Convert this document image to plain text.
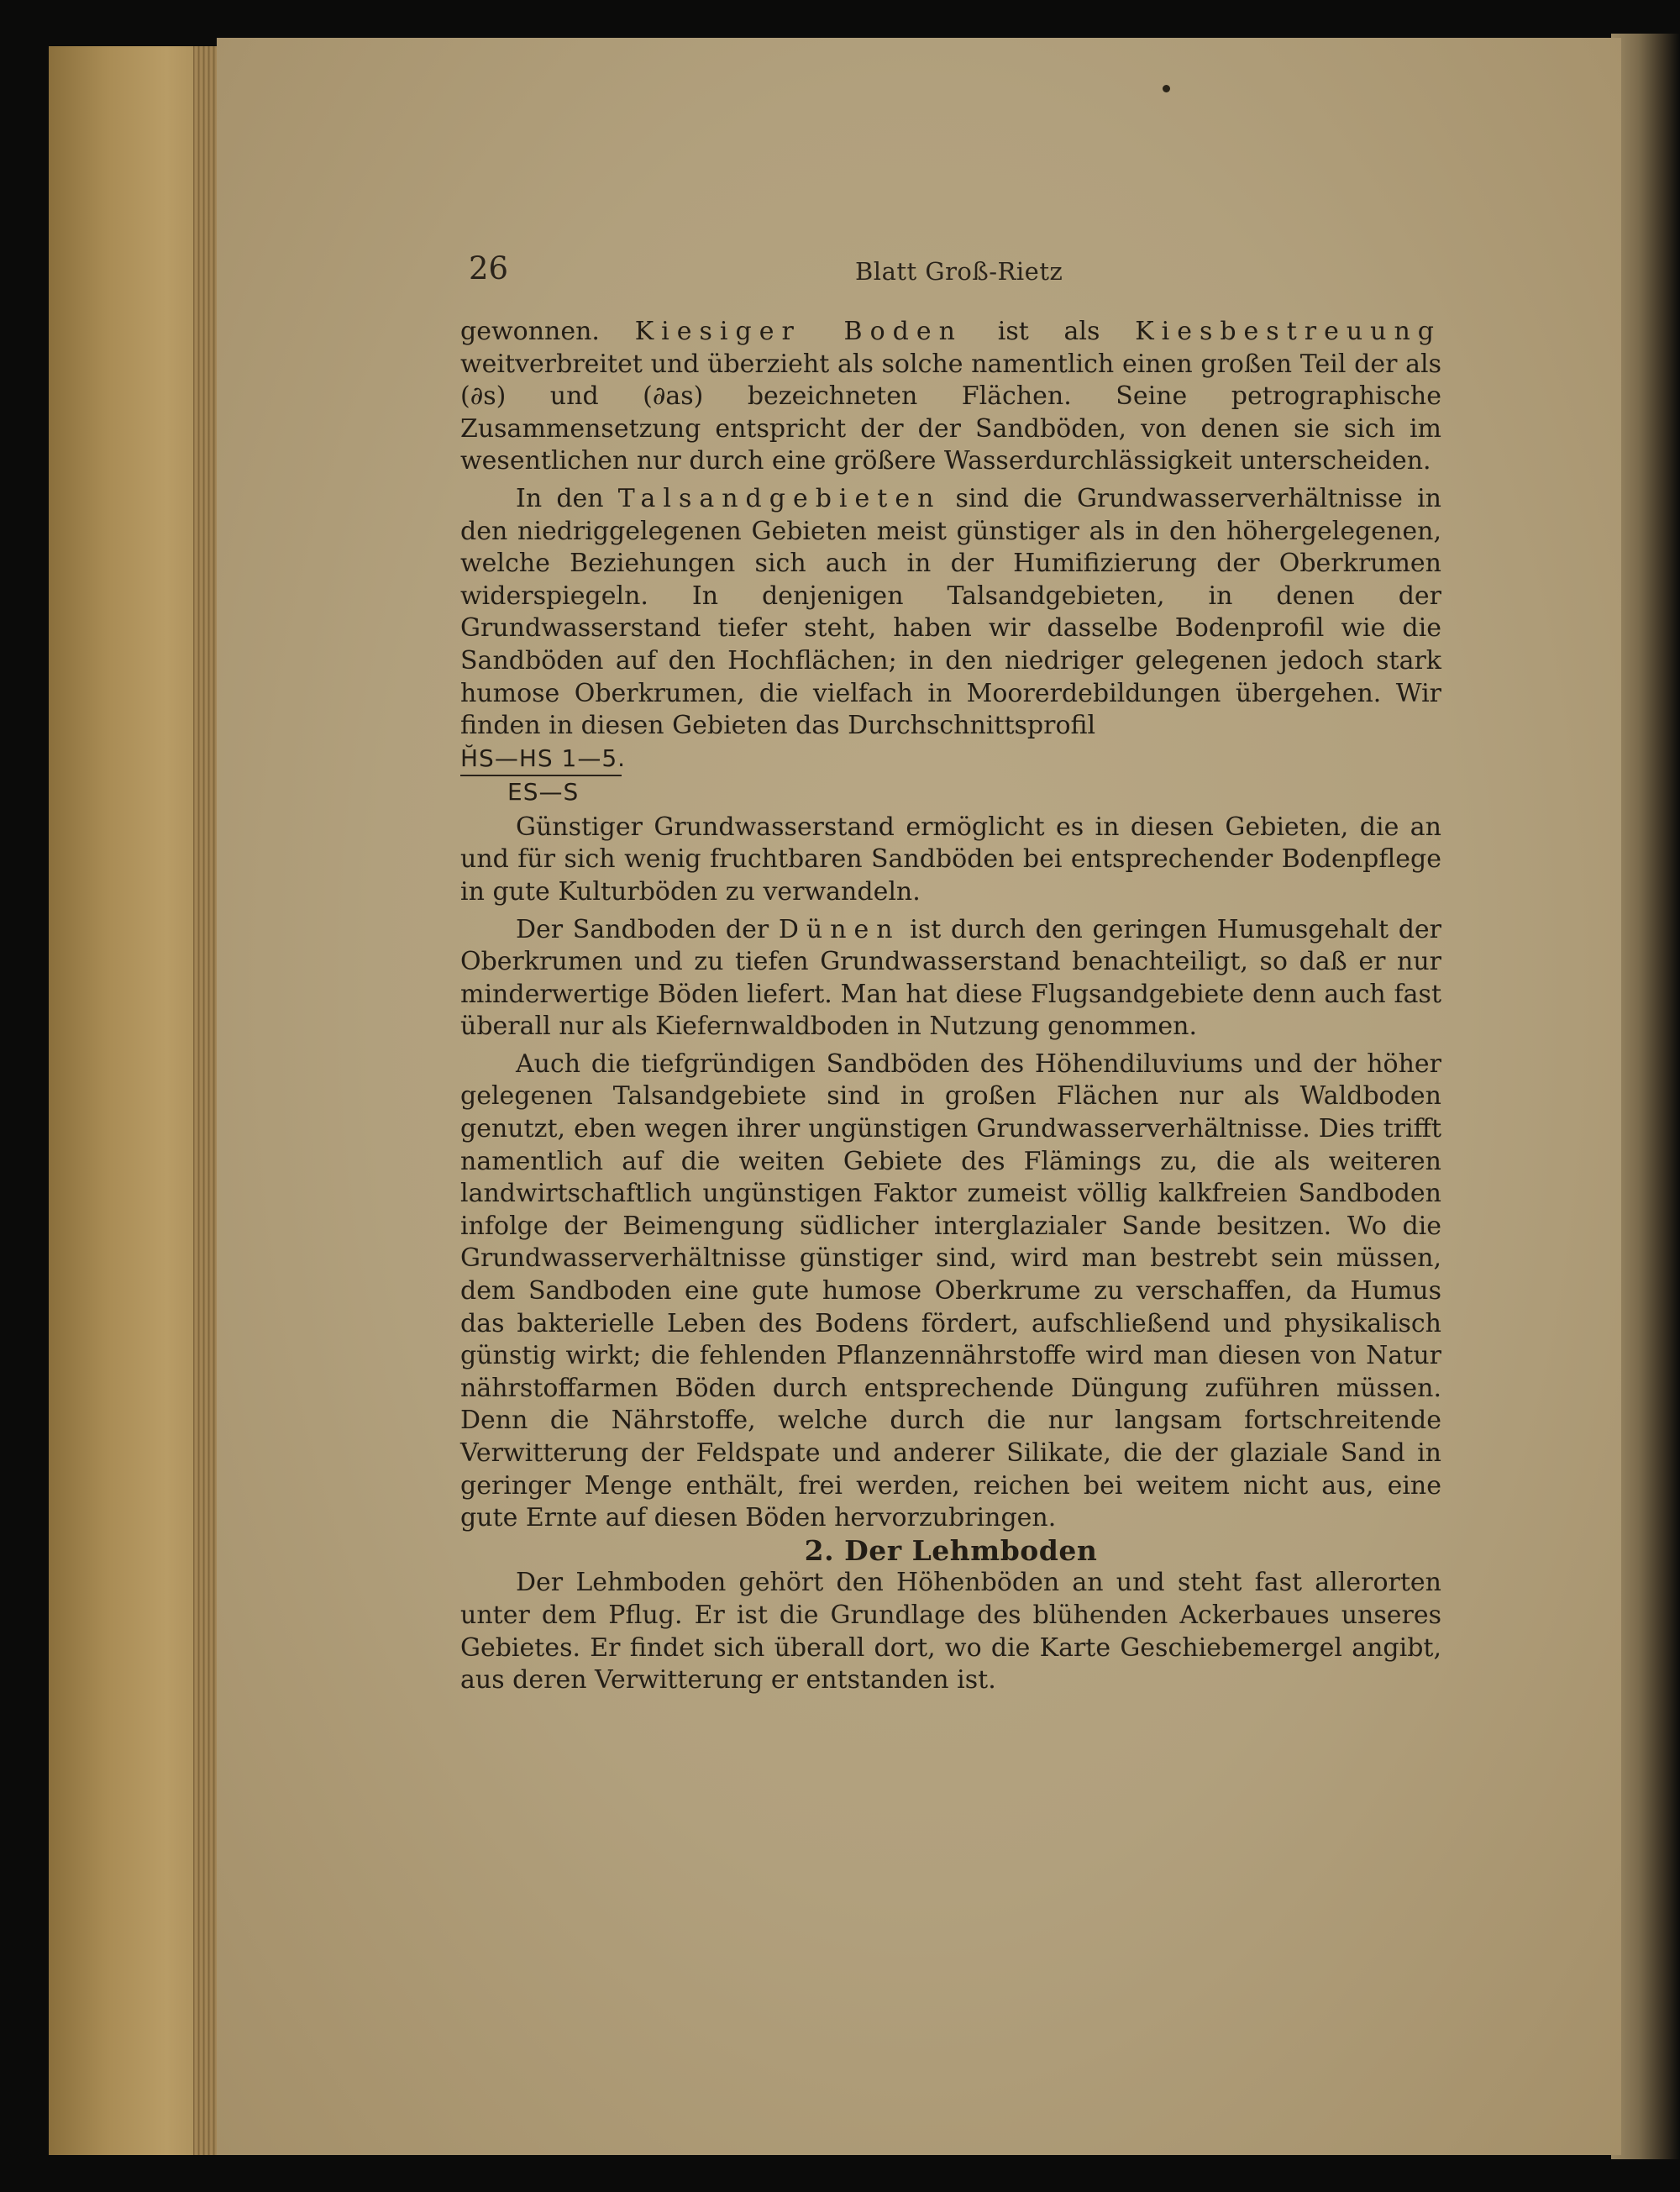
26	Blatt Groß-Rietz

gewonnen. Kiesiger Boden ist als Kiesbestreuung weitverbreitet und überzieht als solche namentlich einen großen Teil der als (∂s) und (∂as) bezeichneten Flächen. Seine petrographische Zusammensetzung entspricht der der Sandböden, von denen sie sich im wesentlichen nur durch eine größere Wasserdurchlässigkeit unterscheiden.

In den Talsandgebieten sind die Grundwasserverhältnisse in den niedriggelegenen Gebieten meist günstiger als in den höhergelegenen, welche Beziehungen sich auch in der Humifizierung der Oberkrumen widerspiegeln. In denjenigen Talsandgebieten, in denen der Grundwasserstand tiefer steht, haben wir dasselbe Bodenprofil wie die Sandböden auf den Hochflächen; in den niedriger gelegenen jedoch stark humose Oberkrumen, die vielfach in Moorerdebildungen übergehen. Wir finden in diesen Gebieten das Durchschnittsprofil

H̆S—HS 1—5.
ES—S

Günstiger Grundwasserstand ermöglicht es in diesen Gebieten, die an und für sich wenig fruchtbaren Sandböden bei entsprechender Bodenpflege in gute Kulturböden zu verwandeln.

Der Sandboden der Dünen ist durch den geringen Humusgehalt der Oberkrumen und zu tiefen Grundwasserstand benachteiligt, so daß er nur minderwertige Böden liefert. Man hat diese Flugsandgebiete denn auch fast überall nur als Kiefernwaldboden in Nutzung genommen.

Auch die tiefgründigen Sandböden des Höhendiluviums und der höher gelegenen Talsandgebiete sind in großen Flächen nur als Waldboden genutzt, eben wegen ihrer ungünstigen Grundwasserverhältnisse. Dies trifft namentlich auf die weiten Gebiete des Flämings zu, die als weiteren landwirtschaftlich ungünstigen Faktor zumeist völlig kalkfreien Sandboden infolge der Beimengung südlicher interglazialer Sande besitzen. Wo die Grundwasserverhältnisse günstiger sind, wird man bestrebt sein müssen, dem Sandboden eine gute humose Oberkrume zu verschaffen, da Humus das bakterielle Leben des Bodens fördert, aufschließend und physikalisch günstig wirkt; die fehlenden Pflanzennährstoffe wird man diesen von Natur nährstoffarmen Böden durch entsprechende Düngung zuführen müssen. Denn die Nährstoffe, welche durch die nur langsam fortschreitende Verwitterung der Feldspate und anderer Silikate, die der glaziale Sand in geringer Menge enthält, frei werden, reichen bei weitem nicht aus, eine gute Ernte auf diesen Böden hervorzubringen.

2. Der Lehmboden

Der Lehmboden gehört den Höhenböden an und steht fast allerorten unter dem Pflug. Er ist die Grundlage des blühenden Ackerbaues unseres Gebietes. Er findet sich überall dort, wo die Karte Geschiebemergel angibt, aus deren Verwitterung er entstanden ist.
